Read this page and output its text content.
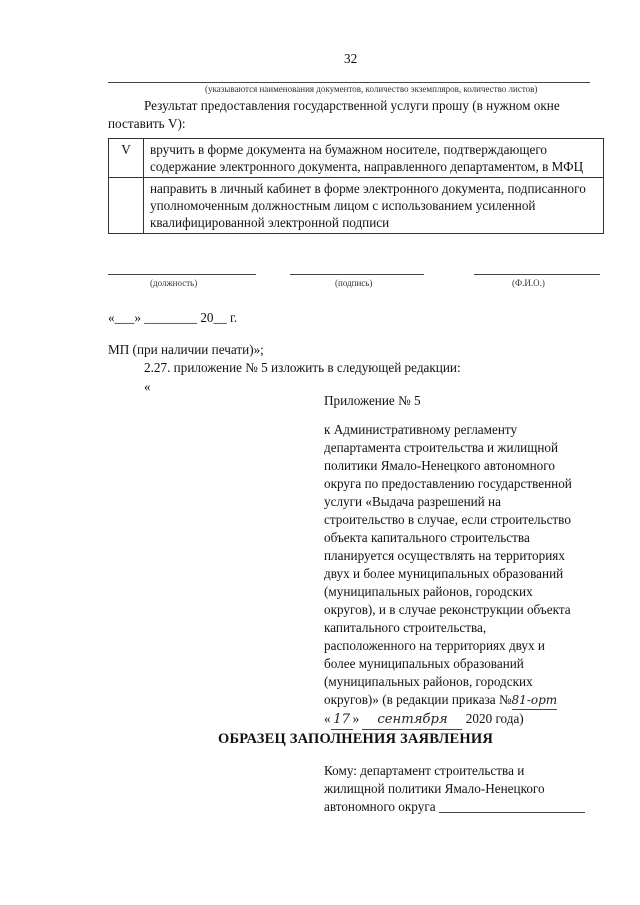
32
(указываются наименования документов, количество экземпляров, количество листов)
Результат предоставления государственной услуги прошу (в нужном окне поставить V):
V	вручить в форме документа на бумажном носителе, подтверждающего содержание электронного документа, направленного департаментом, в МФЦ
	направить в личный кабинет в форме электронного документа, подписанного уполномоченным должностным лицом с использованием усиленной квалифицированной электронной подписи
(должность)	(подпись)	(Ф.И.О.)
«___» ________ 20__ г.
МП (при наличии печати)»;
2.27. приложение № 5 изложить в следующей редакции:
«
Приложение № 5
к Административному регламенту
департамента строительства и жилищной
политики Ямало-Ненецкого автономного
округа по предоставлению государственной
услуги «Выдача разрешений на
строительство в случае, если строительство
объекта капитального строительства
планируется осуществлять на территориях
двух и более муниципальных образований
(муниципальных районов, городских
округов), и в случае реконструкции объекта
капитального строительства,
расположенного на территориях двух и
более муниципальных образований
(муниципальных районов, городских
округов)» (в редакции приказа №81-орт
« 17 » сентября 2020 года)
ОБРАЗЕЦ ЗАПОЛНЕНИЯ ЗАЯВЛЕНИЯ
Кому: департамент строительства и
жилищной политики Ямало-Ненецкого
автономного округа
